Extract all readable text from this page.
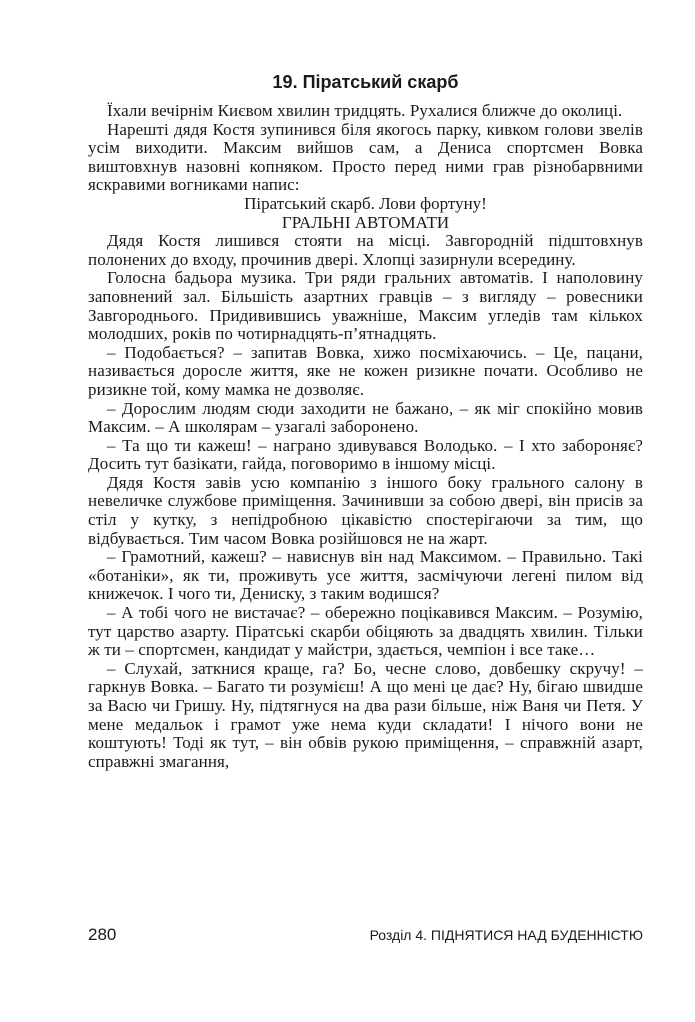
19. Піратський скарб

Їхали вечірнім Києвом хвилин тридцять. Рухалися ближче до околиці.

Нарешті дядя Костя зупинився біля якогось парку, кивком голови звелів усім виходити. Максим вийшов сам, а Дениса спортсмен Вовка виштовхнув назовні копняком. Просто перед ними грав різнобарвними яскравими вогниками напис:

Піратський скарб. Лови фортуну!

ГРАЛЬНІ АВТОМАТИ

Дядя Костя лишився стояти на місці. Завгородній підштовхнув полонених до входу, прочинив двері. Хлопці зазирнули всередину.

Голосна бадьора музика. Три ряди гральних автоматів. І наполовину заповнений зал. Більшість азартних гравців – з вигляду – ровесники Завгороднього. Придивившись уважніше, Максим угледів там кількох молодших, років по чотирнадцять-п’ятнадцять.

– Подобається? – запитав Вовка, хижо посміхаючись. – Це, пацани, називається доросле життя, яке не кожен ризикне почати. Особливо не ризикне той, кому мамка не дозволяє.

– Дорослим людям сюди заходити не бажано, – як міг спокійно мовив Максим. – А школярам – узагалі заборонено.

– Та що ти кажеш! – награно здивувався Володько. – І хто забороняє? Досить тут базікати, гайда, поговоримо в іншому місці.

Дядя Костя завів усю компанію з іншого боку грального салону в невеличке службове приміщення. Зачинивши за собою двері, він присів за стіл у кутку, з непідробною цікавістю спостерігаючи за тим, що відбувається. Тим часом Вовка розійшовся не на жарт.

– Грамотний, кажеш? – нависнув він над Максимом. – Правильно. Такі «ботаніки», як ти, проживуть усе життя, засмічуючи легені пилом від книжечок. І чого ти, Дениску, з таким водишся?

– А тобі чого не вистачає? – обережно поцікавився Максим. – Розумію, тут царство азарту. Піратські скарби обіцяють за двадцять хвилин. Тільки ж ти – спортсмен, кандидат у майстри, здається, чемпіон і все таке…

– Слухай, заткнися краще, га? Бо, чесне слово, довбешку скручу! – гаркнув Вовка. – Багато ти розумієш! А що мені це дає? Ну, бігаю швидше за Васю чи Гришу. Ну, підтягнуся на два рази більше, ніж Ваня чи Петя. У мене медальок і грамот уже нема куди складати! І нічого вони не коштують! Тоді як тут, – він обвів рукою приміщення, – справжній азарт, справжні змагання,

280	Розділ 4. ПІДНЯТИСЯ НАД БУДЕННІСТЮ
